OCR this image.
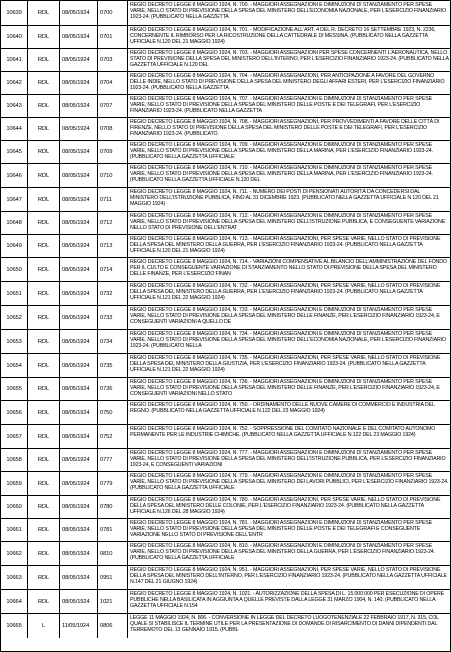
10639	RDL 08/05/1924 0700
REGIO DECRETO LEGGE 8 MAGGIO 1924, N. 700. - MAGGIORI ASSEGNAZIONI E DIMINUZIONI DI STANZIAMENTO PER SPESE VARIE, NELLO STATO DI PREVISIONE DELLA SPESA DEL MINISTERO DELL'ECONOMIA NAZIONALE, PER L'ESERCIZIO FINANZIARIO 1923-24. (PUBBLICATO NELLA GAZZETTA
10640	RDL 08/05/1924 0701
REGIO DECRETO LEGGE 8 MAGGIO 1924, N. 701. - MODIFICAZIONE ALL'ART. 4 DEL R. DECRETO 16 SETTEMBRE 1923, N. 2236, CONCERNENTE IL RIMBORSO PER LA RICOSTRUZIONE DELLA CATTEDRALE DI MESSINA. (PUBBLICATO NELLA GAZZETTA UFFICIALE N.120 DEL 21 MAGGIO 1924)
10641	RDL 08/05/1924 0703
REGIO DECRETO LEGGE 8 MAGGIO 1924, N. 703. - MAGGIORI ASSEGNAZIONI PER SPESE CONCERNENTI L'AERONAUTICA, NELLO STATO DI PREVISIONE DELLA SPESA DEL MINISTERO DELL'INTERNO, PER L'ESERCIZIO FINANZIARIO 1923-24. (PUBBLICATO NELLA GAZZETTA UFFICIALE N.120 DEL
10642	RDL 08/05/1924 0704
REGIO DECRETO LEGGE 8 MAGGIO 1924, N. 704. - MAGGIORI ASSEGNAZIONI, PER ANTICIPAZIONE A FAVORE DEL GOVERNO DELLE INDIE, NELLO STATO DI PREVISIONE DELLA SPESA DEL MINISTERO DEGLI AFFARI ESTERI, PER L'ESERCIZIO FINANZIARIO 1923-24. (PUBBLICATO NELLA GAZZETTA
10643	RDL 08/05/1924 0707
REGIO DECRETO LEGGE 8 MAGGIO 1924, N. 707. - MAGGIORI ASSEGNAZIONI E DIMINUZIONI DI STANZIAMENTO PER SPESE VARIE, NELLO STATO DI PREVISIONE DELLA SPESA DEL MINISTERO DELLE POSTE E DEI TELEGRAFI, PER L'ESERCIZIO FINANZIARIO 1923-24. (PUBBLICATO NELLA GAZZETTA
10644	RDL 08/05/1924 0708
REGIO DECRETO LEGGE 8 MAGGIO 1924, N. 708. - MAGGIORI ASSEGNAZIONI, PER PROVVEDIMENTI A FAVORE DELLE CITTÀ DI FIRENZE, NELLO STATO DI PREVISIONE DELLA SPESA DEL MINISTERO DELLE POSTE E DEI TELEGRAFI, PER L'ESERCIZIO FINANZIARIO 1923-24. (PUBBLICATO
10645	RDL 08/05/1924 0709
REGIO DECRETO LEGGE 8 MAGGIO 1924, N. 709. - MAGGIORI ASSEGNAZIONI E DIMINUZIONI DI STANZIAMENTO PER SPESE VARIE, NELLO STATO DI PREVISIONE DELLA SPESA DEL MINISTERO DELLA MARINA, PER L'ESERCIZIO FINANZIARIO 1923-24. (PUBBLICATO NELLA GAZZETTA UFFICIALE
10646	RDL 08/05/1924 0710
REGIO DECRETO LEGGE 8 MAGGIO 1924, N. 710. - MAGGIORI ASSEGNAZIONI E DIMINUZIONI DI STANZIAMENTO PER SPESE VARIE, NELLO STATO DI PREVISIONE DELLA SPESA DEL MINISTERO DELLA MARINA, PER L'ESERCIZIO FINANZIARIO 1923-24. (PUBBLICATO NELLA GAZZETTA UFFICIALE N.120 DEL
10647	RDL 08/05/1924 0711
REGIO DECRETO LEGGE 8 MAGGIO 1924, N. 711. - NUMERO DEI POSTI DI PENSIONATI AUTORITÀ DA CONCEDERSI DAL MINISTERO DELL'ISTRUZIONE PUBBLICA, FINO AL 31 DICEMBRE 1923. (PUBBLICATO NELLA GAZZETTA UFFICIALE N.120 DEL 21 MAGGIO 1924)
10648	RDL 08/05/1924 0712
REGIO DECRETO LEGGE 8 MAGGIO 1924, N. 712. - MAGGIORI ASSEGNAZIONI E DIMINUZIONI DI STANZIAMENTO PER SPESE VARIE, NELLO STATO DI PREVISIONE DELLA SPESA DEL MINISTERO DELL'ISTRUZIONE PUBBLICA, E CONSEGUENTE VARIAZIONE NELLO STATO DI PREVISIONE DELL'ENTRAT
10649	RDL 08/05/1924 0713
REGIO DECRETO LEGGE 8 MAGGIO 1924, N. 713. - MAGGIORI ASSEGNAZIONI, PER SPESE VARIE, NELLO STATO DI PREVISIONE DELLA SPESA DEL MINISTERO DELLA GUERRA, PER L'ESERCIZIO FINANZIARIO 1923-24. (PUBBLICATO NELLA GAZZETTA UFFICIALE N.120 DEL 21 MAGGIO 1924)
10650	RDL 08/05/1924 0714
REGIO DECRETO LEGGE 8 MAGGIO 1924, N. 714. - VARIAZIONI COMPENSATIVE AL BILANCIO DELL'AMMINISTRAZIONE DEL FONDO PER IL CULTO E CONSEGUENTE VARIAZIONE DI STANZIAMENTO NELLO STATO DI PREVISIONE DELLA SPESA DEL MINISTERO DELLE FINANZE, PER L'ESERCIZIO FINAN
10651	RDL 08/05/1924 0732
REGIO DECRETO LEGGE 8 MAGGIO 1924, N. 732. - MAGGIORI ASSEGNAZIONI, PER SPESE VARIE, NELLO STATO DI PREVISIONE DELLA SPESA DEL MINISTERO DELLA GUERRA, PER L'ESERCIZIO FINANZIARIO 1923-24. (PUBBLICATO NELLA GAZZETTA UFFICIALE N.121 DEL 22 MAGGIO 1924)
10652	RDL 08/05/1924 0733
REGIO DECRETO LEGGE 8 MAGGIO 1924, N. 733. - MAGGIORI ASSEGNAZIONI E DIMINUZIONI DI STANZIAMENTO PER SPESE VARIE, NELLO STATO DI PREVISIONE DELLA SPESA DEL MINISTERO DELLE FINANZE, PER L'ESERCIZIO FINANZIARIO 1923-24, E CONSEGUENTI VARIAZIONI A QUELLO DE
10653	RDL 08/05/1924 0734
REGIO DECRETO LEGGE 8 MAGGIO 1924, N. 734. - MAGGIORI ASSEGNAZIONI E DIMINUZIONI DI STANZIAMENTO PER SPESE VARIE, NELLO STATO DI PREVISIONE DELLA SPESA DEL MINISTERO DELL'ECONOMIA NAZIONALE, PER L'ESERCIZIO FINANZIARIO 1923-24. (PUBBLICATO NELLA
10654	RDL 08/05/1924 0735
REGIO DECRETO LEGGE 8 MAGGIO 1924, N. 735. - MAGGIORI ASSEGNAZIONI, PER SPESE VARIE, NELLO STATO DI PREVISIONE DELLA SPESA DEL MINISTERO DELLA GIUSTIZIA, PER L'ESERCIZIO FINANZIARIO 1923-24. (PUBBLICATO NELLA GAZZETTA UFFICIALE N.121 DEL 22 MAGGIO 1924)
10655	RDL 08/05/1924 0736
REGIO DECRETO LEGGE 8 MAGGIO 1924, N. 736. - MAGGIORI ASSEGNAZIONI E DIMINUZIONI DI STANZIAMENTO PER SPESE VARIE, NELLO STATO DI PREVISIONE DELLA SPESA DEL MINISTERO DELLE FINANZE, PER L'ESERCIZIO FINANZIARIO 1923-24, E CONSEGUENTI VARIAZIONI NELLO STATO
10656	RDL 08/05/1924 0750
REGIO DECRETO LEGGE 8 MAGGIO 1924, N. 750. - ORDINAMENTO DELLE NUOVE CAMERE DI COMMERCIO E INDUSTRIA DEL REGNO. (PUBBLICATO NELLA GAZZETTA UFFICIALE N.122 DEL 23 MAGGIO 1924)
10657	RDL 08/05/1924 0752
REGIO DECRETO LEGGE 8 MAGGIO 1924, N. 752. - SOPPRESSIONE DEL COMITATO NAZIONALE E DEL COMITATO AUTONOMO PERMANENTE PER LE INDUSTRIE CHIMICHE. (PUBBLICATO NELLA GAZZETTA UFFICIALE N.122 DEL 23 MAGGIO 1924)
10658	RDL 08/05/1924 0777
REGIO DECRETO LEGGE 8 MAGGIO 1924, N. 777. - MAGGIORI ASSEGNAZIONI E DIMINUZIONI DI STANZIAMENTO PER SPESE VARIE, NELLO STATO DI PREVISIONE DELLA SPESA DEL MINISTERO DELL'ISTRUZIONE PUBBLICA, PER L'ESERCIZIO FINANZIARIO 1923-24, E CONSEGUENTI VARIAZIONI
10659	RDL 08/05/1924 0779
REGIO DECRETO LEGGE 8 MAGGIO 1924, N. 779. - MAGGIORI ASSEGNAZIONI E DIMINUZIONI DI STANZIAMENTO PER SPESE VARIE, NELLO STATO DI PREVISIONE DELLA SPESA DEL MINISTERO DEI LAVORI PUBBLICI, PER L'ESERCIZIO FINANZIARIO 1923-24. (PUBBLICATO NELLA GAZZETTA UFFICIALE
10660	RDL 08/05/1924 0780
REGIO DECRETO LEGGE 8 MAGGIO 1924, N. 780. - MAGGIORI ASSEGNAZIONI, PER SPESE VARIE, NELLO STATO DI PREVISIONE DELLA SPESA DEL MINISTERO DELLE COLONIE, PER L'ESERCIZIO FINANZIARIO 1923-24. (PUBBLICATO NELLA GAZZETTA UFFICIALE N.126 DEL 28 MAGGIO 1924)
10661	RDL 08/05/1924 0781
REGIO DECRETO LEGGE 8 MAGGIO 1924, N. 781. - MAGGIORI ASSEGNAZIONI E DIMINUZIONI DI STANZIAMENTO PER SPESE VARIE, NELLO STATO DI PREVISIONE DELLA SPESA DEL MINISTERO DELLE POSTE E DEI TELEGRAFI E CONSEGUENTE VARIAZIONE NELLO STATO DI PREVISIONE DELL'ENTR
10662	RDL 08/05/1924 0810
REGIO DECRETO LEGGE 8 MAGGIO 1924, N. 810. - MAGGIORI ASSEGNAZIONI E DIMINUZIONI DI STANZIAMENTO PER SPESE VARIE, NELLO STATO DI PREVISIONE DELLA SPESA DEL MINISTERO DELLA GUERRA, PER L'ESERCIZIO FINANZIARIO 1923-24. (PUBBLICATO NELLA GAZZETTA UFFICIALE
10663	RDL 08/05/1924 0951
REGIO DECRETO LEGGE 8 MAGGIO 1924, N. 951. - MAGGIORI ASSEGNAZIONI, PER SPESE VARIE, NELLO STATO DI PREVISIONE DELLA SPESA DEL MINISTERO DELL'INTERNO, PER L'ESERCIZIO FINANZIARIO 1923-24. (PUBBLICATO NELLA GAZZETTA UFFICIALE N.147 DEL 21 GIUGNO 1924)
10664	RDL 08/05/1924 1021
REGIO DECRETO LEGGE 8 MAGGIO 1924, N. 1021. - AUTORIZZAZIONE DELLA SPESA DI L. 15.000.000 PER ESECUZIONE DI OPERE PUBBLICHE NELLA BASILICATA IN AGGIUNTA A QUELLE PREVISTE DALLA LEGGE 31 MARZO 1904, N. 140. (PUBBLICATO NELLA GAZZETTA UFFICIALE N.154
10665	L	11/05/1924 0806
LEGGE 11 MAGGIO 1924, N. 806. - CONVERSIONE IN LEGGE DEL DECRETO LUOGOTENENZIALE 22 FEBBRAIO 1917, N. 315, COL QUALE SI STABILISCE IL TERMINE UTILE PER LA PRESENTAZIONE DI DOMANDE DI RISARCIMENTO DI DANNI DIPENDENTI DAL TERREMOTO DEL 13 GENNAIO 1915. (PUBBL
